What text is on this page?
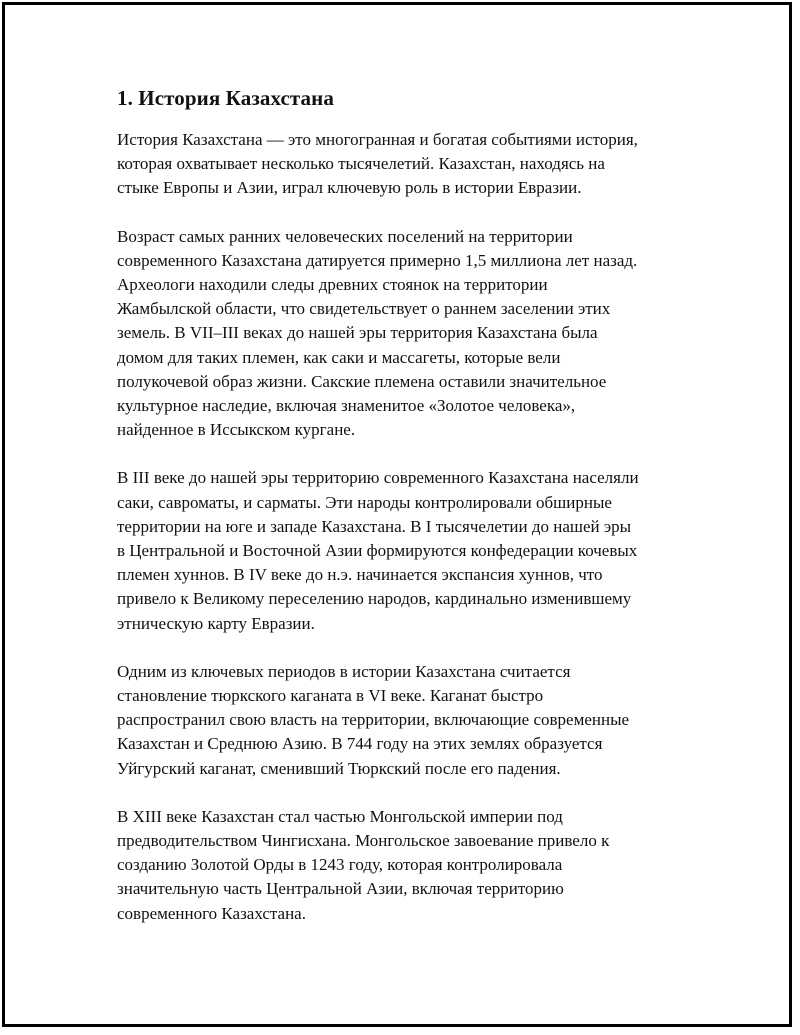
1. История Казахстана

История Казахстана — это многогранная и богатая событиями история,
которая охватывает несколько тысячелетий. Казахстан, находясь на
стыке Европы и Азии, играл ключевую роль в истории Евразии.

Возраст самых ранних человеческих поселений на территории
современного Казахстана датируется примерно 1,5 миллиона лет назад.
Археологи находили следы древних стоянок на территории
Жамбылской области, что свидетельствует о раннем заселении этих
земель. В VII–III веках до нашей эры территория Казахстана была
домом для таких племен, как саки и массагеты, которые вели
полукочевой образ жизни. Сакские племена оставили значительное
культурное наследие, включая знаменитое «Золотое человека»,
найденное в Иссыкском кургане.

В III веке до нашей эры территорию современного Казахстана населяли
саки, савроматы, и сарматы. Эти народы контролировали обширные
территории на юге и западе Казахстана. В I тысячелетии до нашей эры
в Центральной и Восточной Азии формируются конфедерации кочевых
племен хуннов. В IV веке до н.э. начинается экспансия хуннов, что
привело к Великому переселению народов, кардинально изменившему
этническую карту Евразии.

Одним из ключевых периодов в истории Казахстана считается
становление тюркского каганата в VI веке. Каганат быстро
распространил свою власть на территории, включающие современные
Казахстан и Среднюю Азию. В 744 году на этих землях образуется
Уйгурский каганат, сменивший Тюркский после его падения.

В XIII веке Казахстан стал частью Монгольской империи под
предводительством Чингисхана. Монгольское завоевание привело к
созданию Золотой Орды в 1243 году, которая контролировала
значительную часть Центральной Азии, включая территорию
современного Казахстана.
